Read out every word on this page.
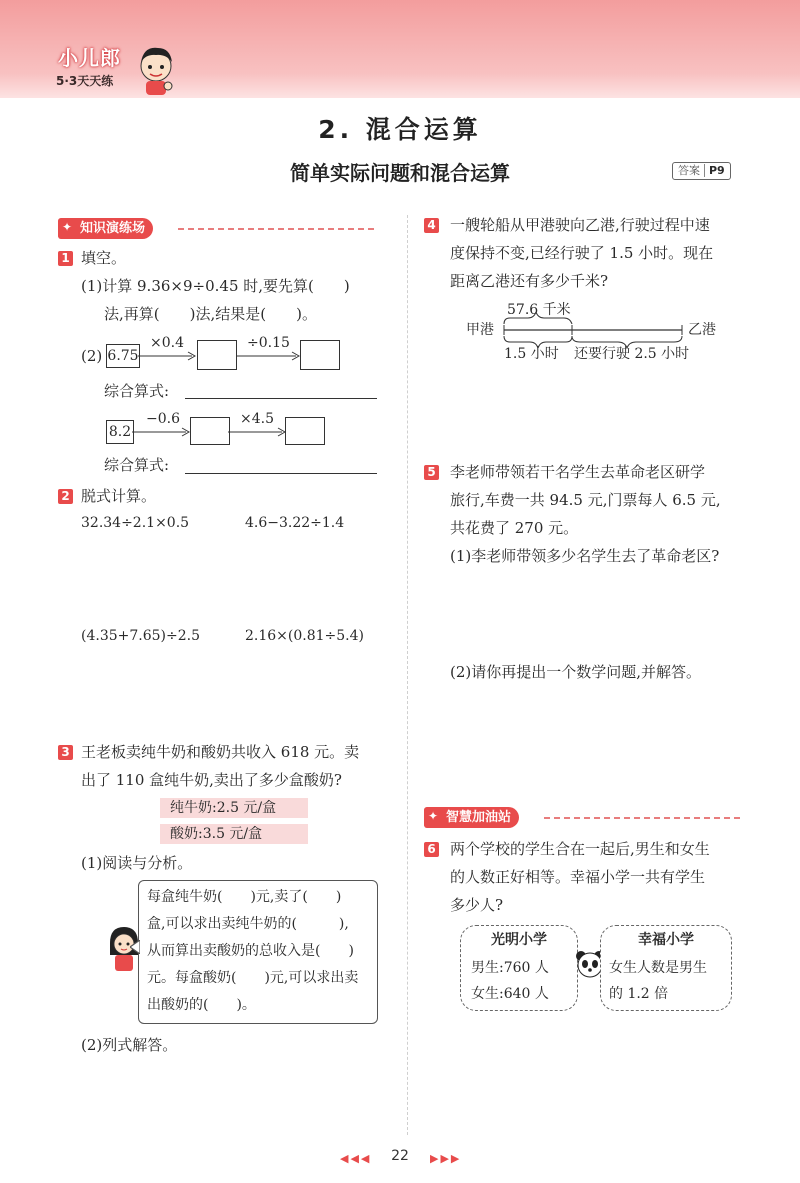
小儿郎
5·3天天练
2. 混合运算
简单实际问题和混合运算	答案 P9
✦ 知识演练场
1 填空。
(1)计算 9.36×9÷0.45 时,要先算(　　)
法,再算(　　)法,结果是(　　)。
(2) 6.75
×0.4	÷0.15
综合算式:
8.2
−0.6	×4.5
综合算式:
2 脱式计算。
32.34÷2.1×0.5	4.6−3.22÷1.4
(4.35+7.65)÷2.5	2.16×(0.81÷5.4)
3 王老板卖纯牛奶和酸奶共收入 618 元。卖
出了 110 盒纯牛奶,卖出了多少盒酸奶?
纯牛奶:2.5 元/盒
酸奶:3.5 元/盒
(1)阅读与分析。
每盒纯牛奶(　　)元,卖了(　　)
盒,可以求出卖纯牛奶的(　　　),
从而算出卖酸奶的总收入是(　　)
元。每盒酸奶(　　)元,可以求出卖
出酸奶的(　　)。
(2)列式解答。
4 一艘轮船从甲港驶向乙港,行驶过程中速
度保持不变,已经行驶了 1.5 小时。现在
距离乙港还有多少千米?
57.6 千米
甲港	乙港
1.5 小时 还要行驶 2.5 小时
5 李老师带领若干名学生去革命老区研学
旅行,车费一共 94.5 元,门票每人 6.5 元,
共花费了 270 元。
(1)李老师带领多少名学生去了革命老区?
(2)请你再提出一个数学问题,并解答。
✦ 智慧加油站
6 两个学校的学生合在一起后,男生和女生
的人数正好相等。幸福小学一共有学生
多少人?
光明小学
男生:760 人
女生:640 人
幸福小学
女生人数是男生
的 1.2 倍
◀◀◀	22	▶▶▶
